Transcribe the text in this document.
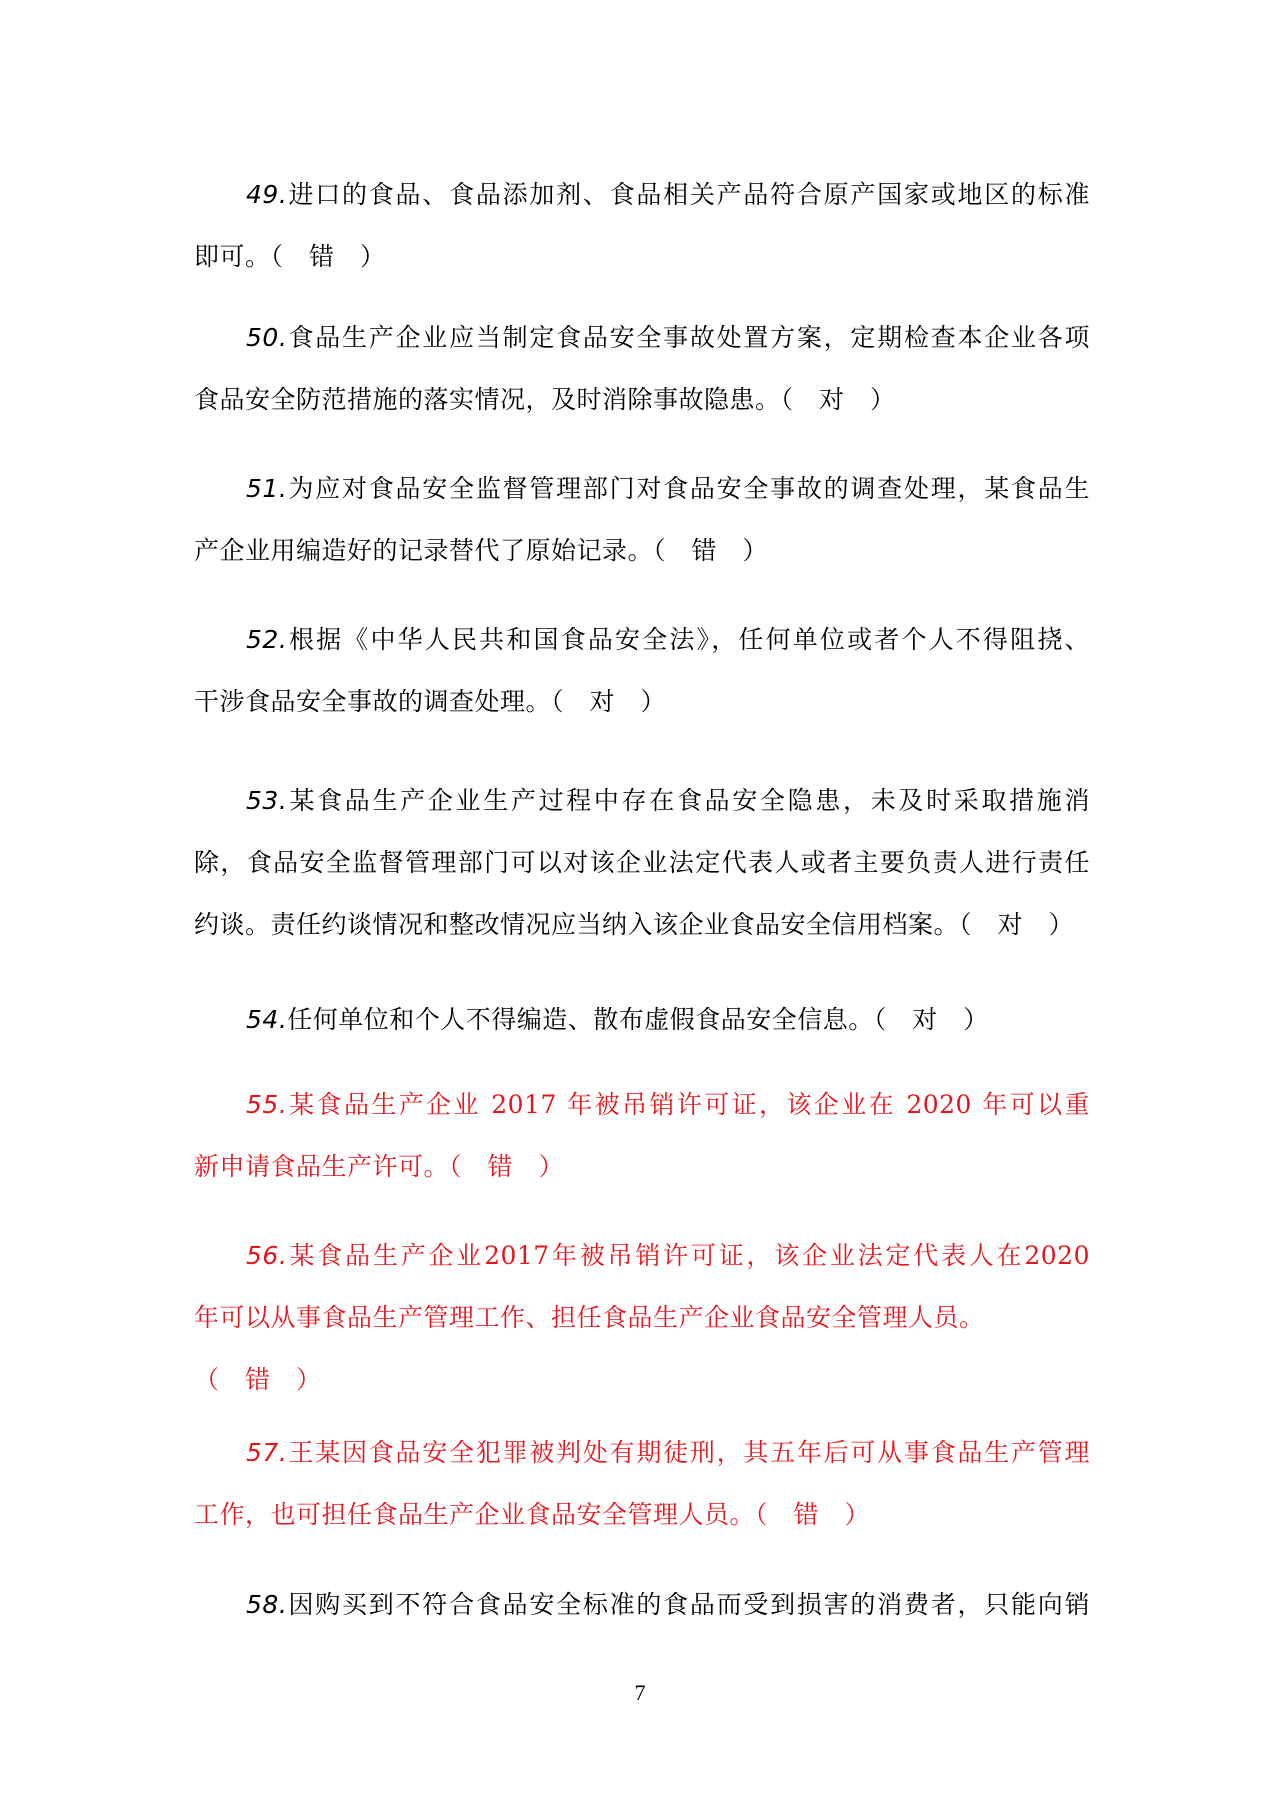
49.进口的食品、食品添加剂、食品相关产品符合原产国家或地区的标准
即可。（　错　）
50.食品生产企业应当制定食品安全事故处置方案，定期检查本企业各项
食品安全防范措施的落实情况，及时消除事故隐患。（　对　）
51.为应对食品安全监督管理部门对食品安全事故的调查处理，某食品生
产企业用编造好的记录替代了原始记录。（　错　）
52.根据《中华人民共和国食品安全法》，任何单位或者个人不得阻挠、
干涉食品安全事故的调查处理。（　对　）
53.某食品生产企业生产过程中存在食品安全隐患，未及时采取措施消
除，食品安全监督管理部门可以对该企业法定代表人或者主要负责人进行责任
约谈。责任约谈情况和整改情况应当纳入该企业食品安全信用档案。（　对　）
54.任何单位和个人不得编造、散布虚假食品安全信息。（　对　）
55.某食品生产企业 2017 年被吊销许可证，该企业在 2020 年可以重
新申请食品生产许可。（　错　）
56.某食品生产企业2017年被吊销许可证，该企业法定代表人在2020
年可以从事食品生产管理工作、担任食品生产企业食品安全管理人员。
（　错　）
57.王某因食品安全犯罪被判处有期徒刑，其五年后可从事食品生产管理
工作，也可担任食品生产企业食品安全管理人员。（　错　）
58.因购买到不符合食品安全标准的食品而受到损害的消费者，只能向销
7
